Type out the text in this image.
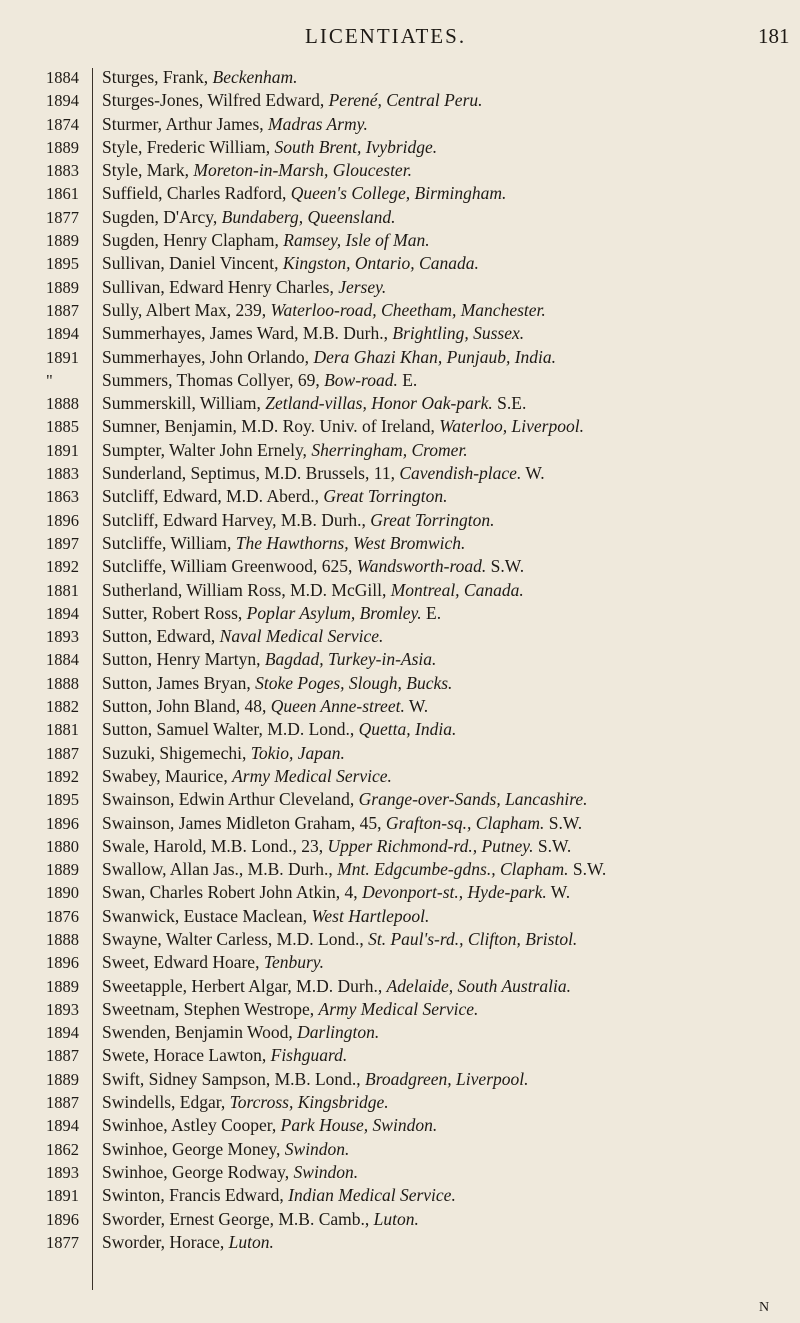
LICENTIATES.	181
1884	Sturges, Frank, Beckenham.
1894	Sturges-Jones, Wilfred Edward, Perené, Central Peru.
1874	Sturmer, Arthur James, Madras Army.
1889	Style, Frederic William, South Brent, Ivybridge.
1883	Style, Mark, Moreton-in-Marsh, Gloucester.
1861	Suffield, Charles Radford, Queen's College, Birmingham.
1877	Sugden, D'Arcy, Bundaberg, Queensland.
1889	Sugden, Henry Clapham, Ramsey, Isle of Man.
1895	Sullivan, Daniel Vincent, Kingston, Ontario, Canada.
1889	Sullivan, Edward Henry Charles, Jersey.
1887	Sully, Albert Max, 239, Waterloo-road, Cheetham, Manchester.
1894	Summerhayes, James Ward, M.B. Durh., Brightling, Sussex.
1891	Summerhayes, John Orlando, Dera Ghazi Khan, Punjaub, India.
"	Summers, Thomas Collyer, 69, Bow-road. E.
1888	Summerskill, William, Zetland-villas, Honor Oak-park. S.E.
1885	Sumner, Benjamin, M.D. Roy. Univ. of Ireland, Waterloo, Liverpool.
1891	Sumpter, Walter John Ernely, Sherringham, Cromer.
1883	Sunderland, Septimus, M.D. Brussels, 11, Cavendish-place. W.
1863	Sutcliff, Edward, M.D. Aberd., Great Torrington.
1896	Sutcliff, Edward Harvey, M.B. Durh., Great Torrington.
1897	Sutcliffe, William, The Hawthorns, West Bromwich.
1892	Sutcliffe, William Greenwood, 625, Wandsworth-road. S.W.
1881	Sutherland, William Ross, M.D. McGill, Montreal, Canada.
1894	Sutter, Robert Ross, Poplar Asylum, Bromley. E.
1893	Sutton, Edward, Naval Medical Service.
1884	Sutton, Henry Martyn, Bagdad, Turkey-in-Asia.
1888	Sutton, James Bryan, Stoke Poges, Slough, Bucks.
1882	Sutton, John Bland, 48, Queen Anne-street. W.
1881	Sutton, Samuel Walter, M.D. Lond., Quetta, India.
1887	Suzuki, Shigemechi, Tokio, Japan.
1892	Swabey, Maurice, Army Medical Service.
1895	Swainson, Edwin Arthur Cleveland, Grange-over-Sands, Lancashire.
1896	Swainson, James Midleton Graham, 45, Grafton-sq., Clapham. S.W.
1880	Swale, Harold, M.B. Lond., 23, Upper Richmond-rd., Putney. S.W.
1889	Swallow, Allan Jas., M.B. Durh., Mnt. Edgcumbe-gdns., Clapham. S.W.
1890	Swan, Charles Robert John Atkin, 4, Devonport-st., Hyde-park. W.
1876	Swanwick, Eustace Maclean, West Hartlepool.
1888	Swayne, Walter Carless, M.D. Lond., St. Paul's-rd., Clifton, Bristol.
1896	Sweet, Edward Hoare, Tenbury.
1889	Sweetapple, Herbert Algar, M.D. Durh., Adelaide, South Australia.
1893	Sweetnam, Stephen Westrope, Army Medical Service.
1894	Swenden, Benjamin Wood, Darlington.
1887	Swete, Horace Lawton, Fishguard.
1889	Swift, Sidney Sampson, M.B. Lond., Broadgreen, Liverpool.
1887	Swindells, Edgar, Torcross, Kingsbridge.
1894	Swinhoe, Astley Cooper, Park House, Swindon.
1862	Swinhoe, George Money, Swindon.
1893	Swinhoe, George Rodway, Swindon.
1891	Swinton, Francis Edward, Indian Medical Service.
1896	Sworder, Ernest George, M.B. Camb., Luton.
1877	Sworder, Horace, Luton.
N
